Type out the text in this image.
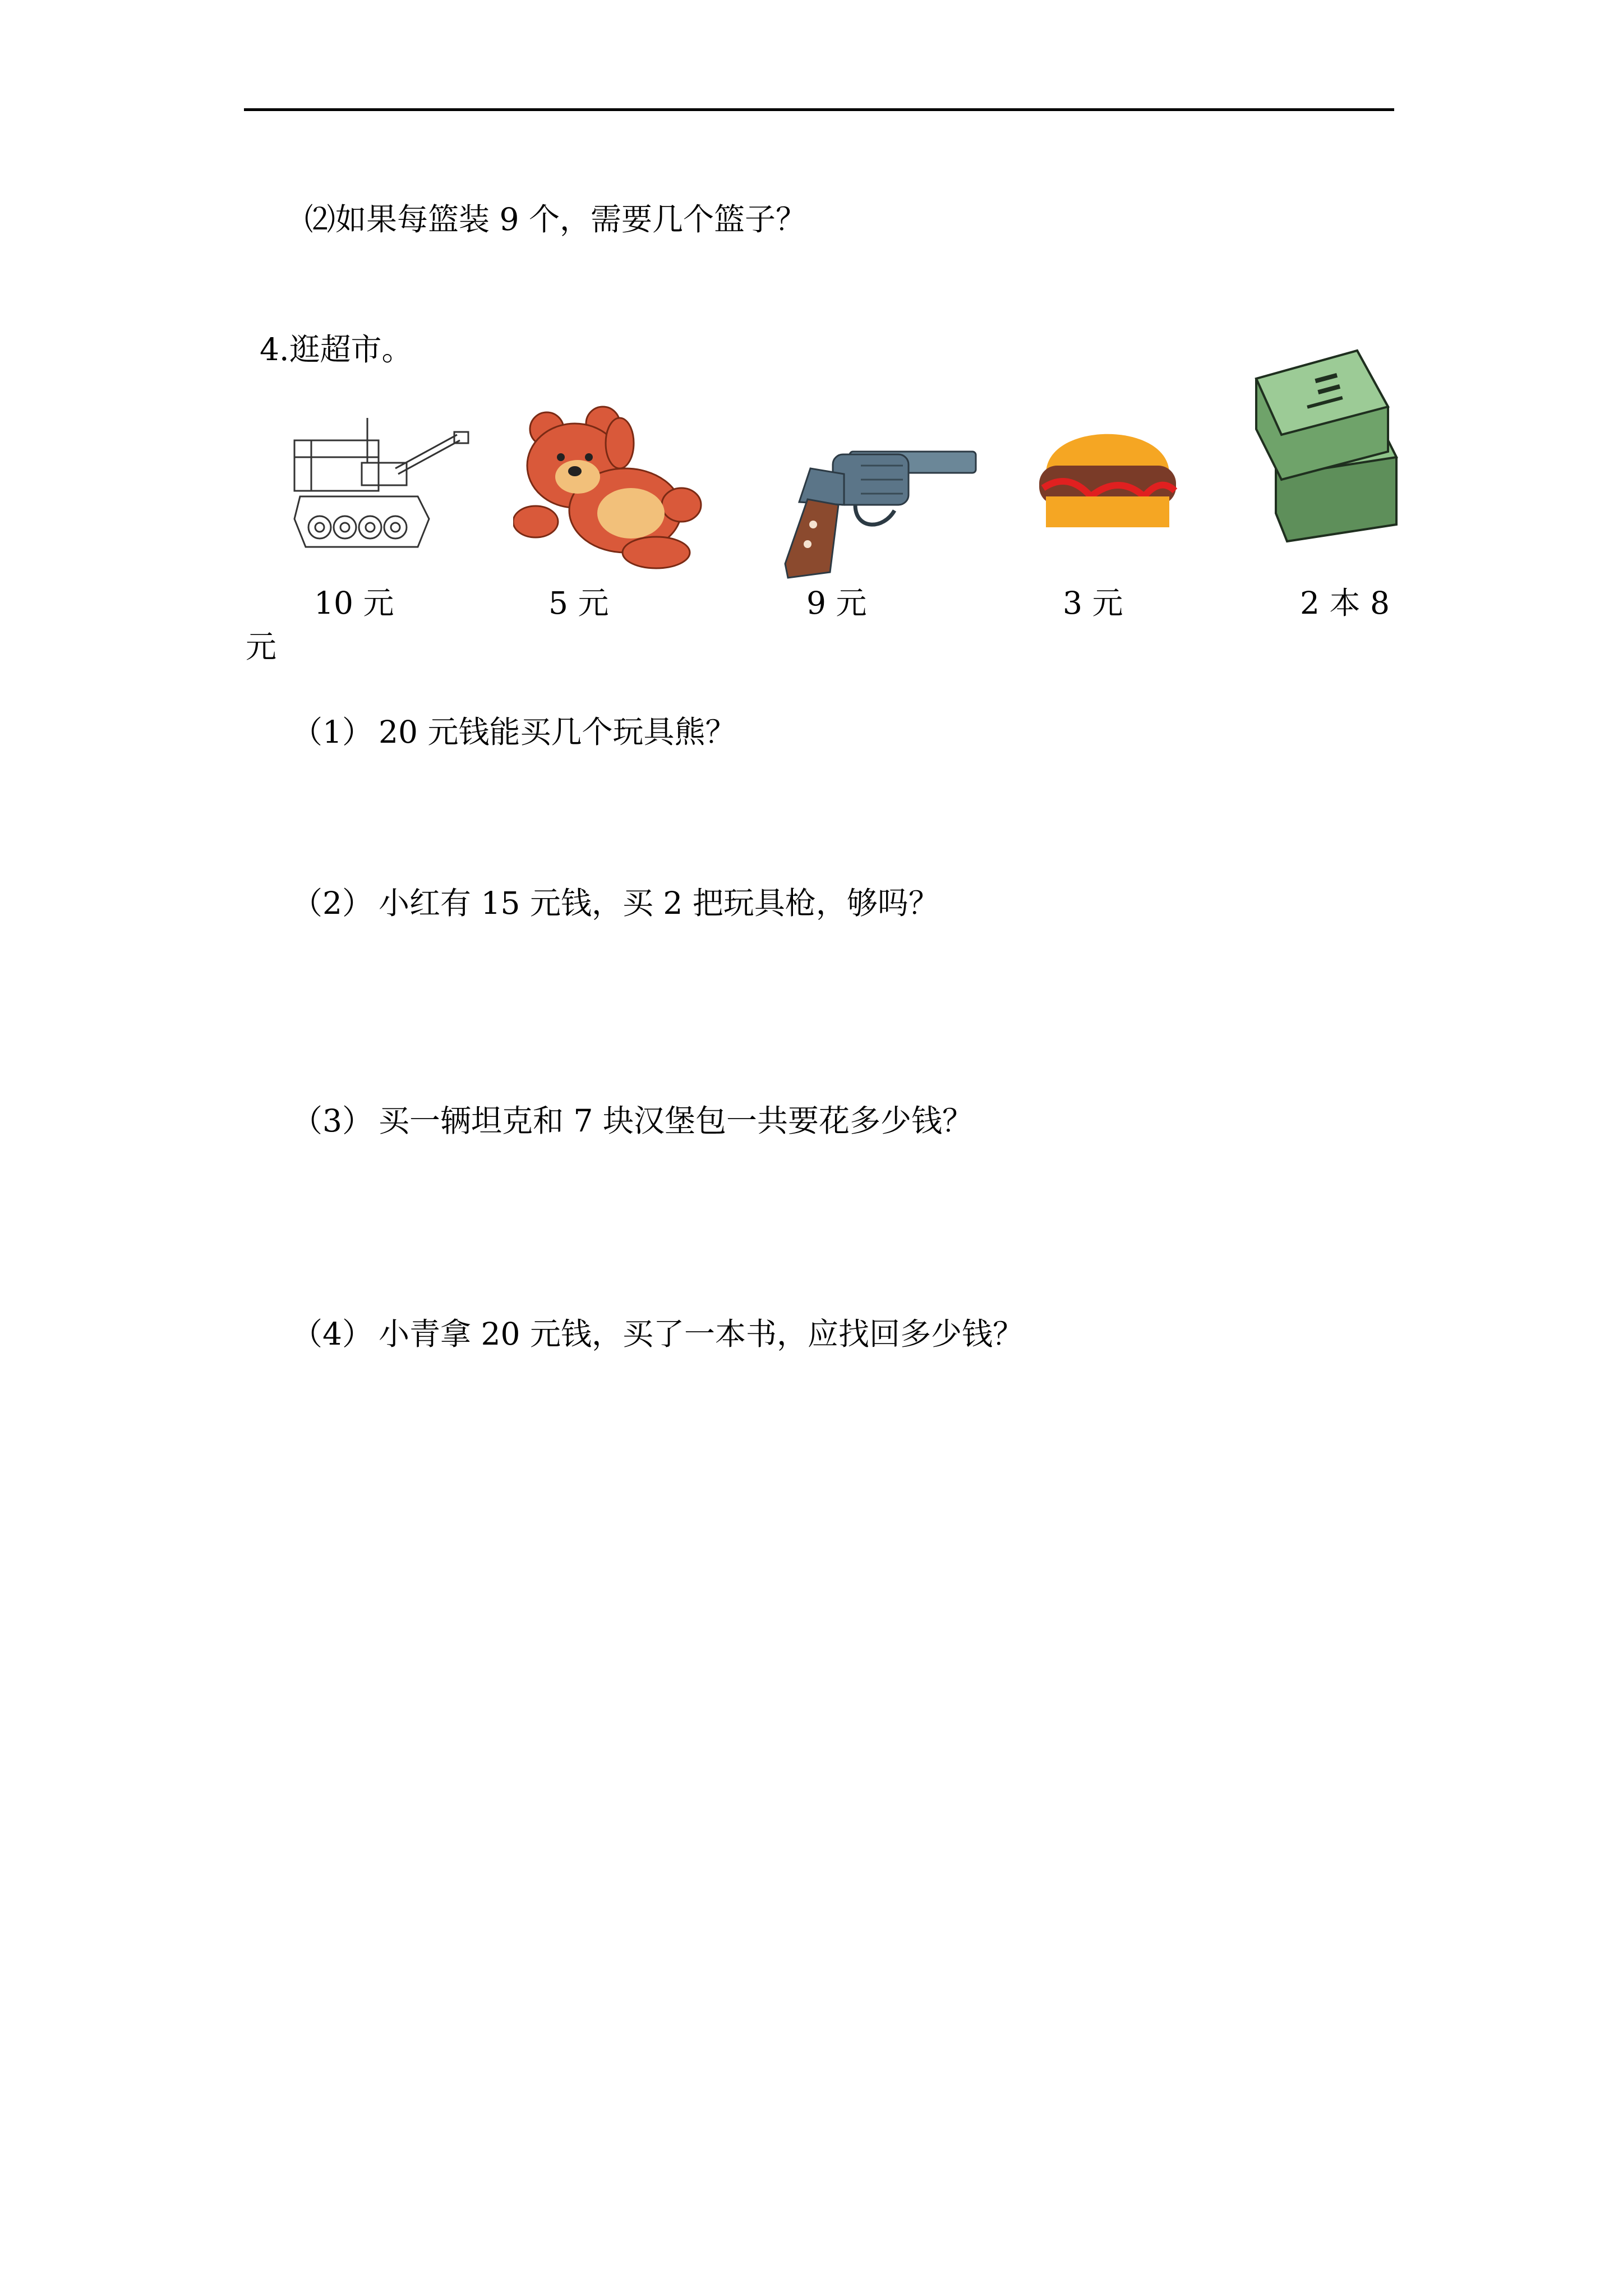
⑵如果每篮装 9 个，需要几个篮子？
4.逛超市。
10 元	5 元	9 元	3 元	2 本 8
元
（1） 20 元钱能买几个玩具熊？
（2） 小红有 15 元钱，买 2 把玩具枪，够吗？
（3） 买一辆坦克和 7 块汉堡包一共要花多少钱？
（4） 小青拿 20 元钱，买了一本书，应找回多少钱？
